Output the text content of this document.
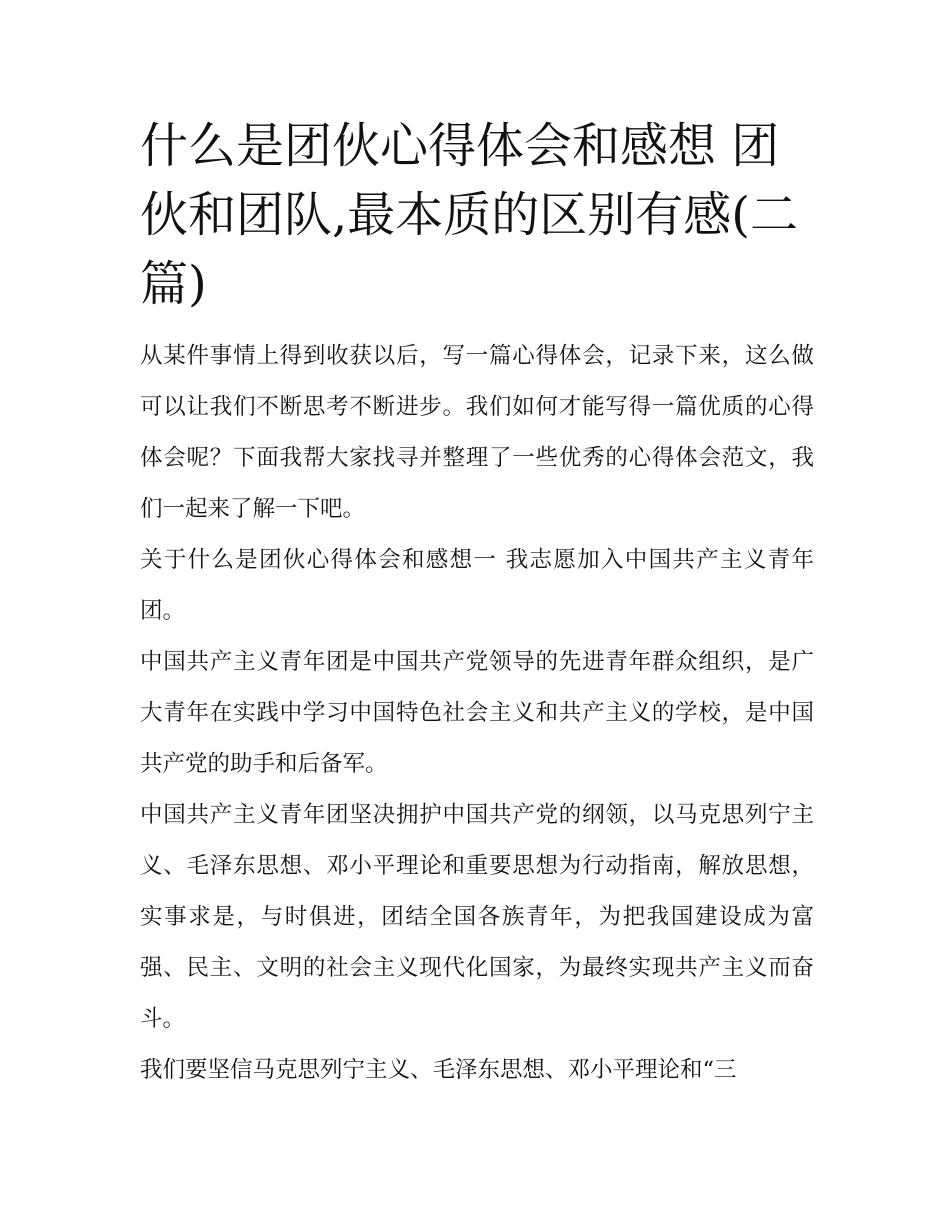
什么是团伙心得体会和感想 团伙和团队,最本质的区别有感(二篇)

从某件事情上得到收获以后，写一篇心得体会，记录下来，这么做可以让我们不断思考不断进步。我们如何才能写得一篇优质的心得体会呢？下面我帮大家找寻并整理了一些优秀的心得体会范文，我们一起来了解一下吧。

关于什么是团伙心得体会和感想一 我志愿加入中国共产主义青年团。

中国共产主义青年团是中国共产党领导的先进青年群众组织，是广大青年在实践中学习中国特色社会主义和共产主义的学校，是中国共产党的助手和后备军。

中国共产主义青年团坚决拥护中国共产党的纲领，以马克思列宁主义、毛泽东思想、邓小平理论和重要思想为行动指南，解放思想，实事求是，与时俱进，团结全国各族青年，为把我国建设成为富强、民主、文明的社会主义现代化国家，为最终实现共产主义而奋斗。

我们要坚信马克思列宁主义、毛泽东思想、邓小平理论和“三
